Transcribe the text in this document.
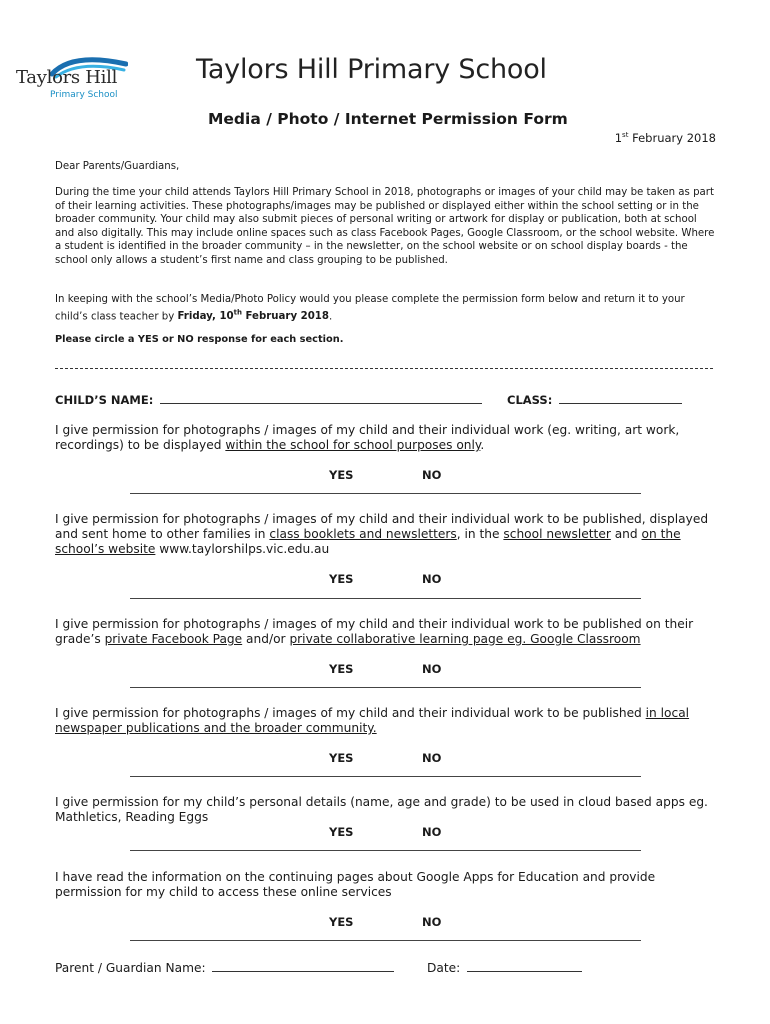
Taylors Hill
Primary School
Taylors Hill Primary School
Media / Photo / Internet Permission Form
1st February 2018
Dear Parents/Guardians,
During the time your child attends Taylors Hill Primary School in 2018, photographs or images of your child may be taken as part of their learning activities. These photographs/images may be published or displayed either within the school setting or in the broader community. Your child may also submit pieces of personal writing or artwork for display or publication, both at school and also digitally. This may include online spaces such as class Facebook Pages, Google Classroom, or the school website. Where a student is identified in the broader community – in the newsletter, on the school website or on school display boards - the school only allows a student’s first name and class grouping to be published.
In keeping with the school’s Media/Photo Policy would you please complete the permission form below and return it to your child’s class teacher by Friday, 10th February 2018.
Please circle a YES or NO response for each section.
CHILD’S NAME:	CLASS:
I give permission for photographs / images of my child and their individual work (eg. writing, art work, recordings) to be displayed within the school for school purposes only.
YES	NO
I give permission for photographs / images of my child and their individual work to be published, displayed and sent home to other families in class booklets and newsletters, in the school newsletter and on the school’s website www.taylorshilps.vic.edu.au
YES	NO
I give permission for photographs / images of my child and their individual work to be published on their grade’s private Facebook Page and/or private collaborative learning page eg. Google Classroom
YES	NO
I give permission for photographs / images of my child and their individual work to be published in local newspaper publications and the broader community.
YES	NO
I give permission for my child’s personal details (name, age and grade) to be used in cloud based apps eg. Mathletics, Reading Eggs
YES	NO
I have read the information on the continuing pages about Google Apps for Education and provide permission for my child to access these online services
YES	NO
Parent / Guardian Name:	Date:
